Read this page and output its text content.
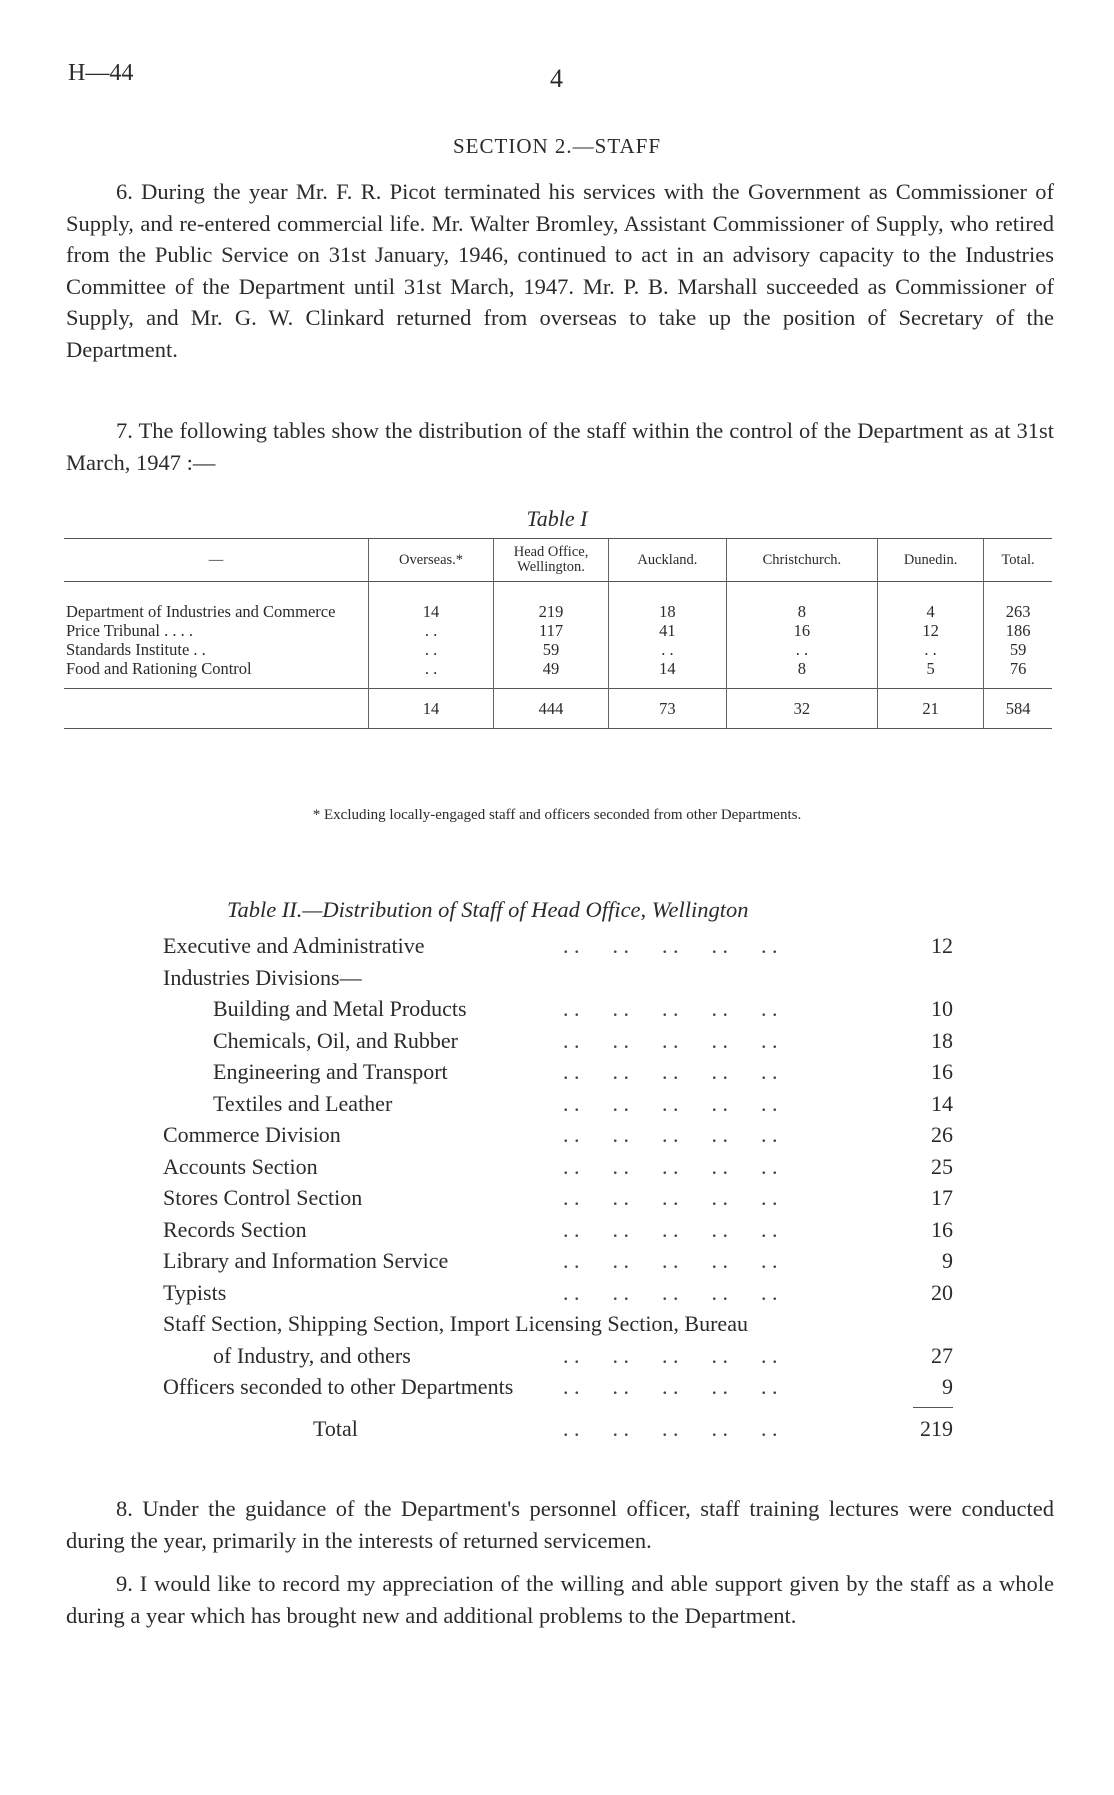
H—44	4
SECTION 2.—STAFF
6. During the year Mr. F. R. Picot terminated his services with the Government as Commissioner of Supply, and re-entered commercial life. Mr. Walter Bromley, Assistant Commissioner of Supply, who retired from the Public Service on 31st January, 1946, continued to act in an advisory capacity to the Industries Committee of the Department until 31st March, 1947. Mr. P. B. Marshall succeeded as Commissioner of Supply, and Mr. G. W. Clinkard returned from overseas to take up the position of Secretary of the Department.
7. The following tables show the distribution of the staff within the control of the Department as at 31st March, 1947 :—
Table I
—	Overseas.*	Head Office, Wellington.	Auckland.	Christchurch.	Dunedin.	Total.
Department of Industries and Commerce	14	219	18	8	4	263
Price Tribunal . . . .	. .	117	41	16	12	186
Standards Institute . .	. .	59	. .	. .	. .	59
Food and Rationing Control	. .	49	14	8	5	76

	14	444	73	32	21	584
* Excluding locally-engaged staff and officers seconded from other Departments.
Table II.—Distribution of Staff of Head Office, Wellington
Executive and Administrative	. .      . .      . .      . .      . .	12
Industries Divisions—
Building and Metal Products	. .      . .      . .      . .      . .	10
Chemicals, Oil, and Rubber	. .      . .      . .      . .      . .	18
Engineering and Transport	. .      . .      . .      . .      . .	16
Textiles and Leather	. .      . .      . .      . .      . .	14
Commerce Division	. .      . .      . .      . .      . .	26
Accounts Section	. .      . .      . .      . .      . .	25
Stores Control Section	. .      . .      . .      . .      . .	17
Records Section	. .      . .      . .      . .      . .	16
Library and Information Service	. .      . .      . .      . .      . .	9
Typists	. .      . .      . .      . .      . .	20
Staff Section, Shipping Section, Import Licensing Section, Bureau
of Industry, and others	. .      . .      . .      . .      . .	27
Officers seconded to other Departments . .      . .      . .      . .      . .	9
Total	. .      . .      . .      . .      . .	219
8. Under the guidance of the Department's personnel officer, staff training lectures were conducted during the year, primarily in the interests of returned servicemen.
9. I would like to record my appreciation of the willing and able support given by the staff as a whole during a year which has brought new and additional problems to the Department.
